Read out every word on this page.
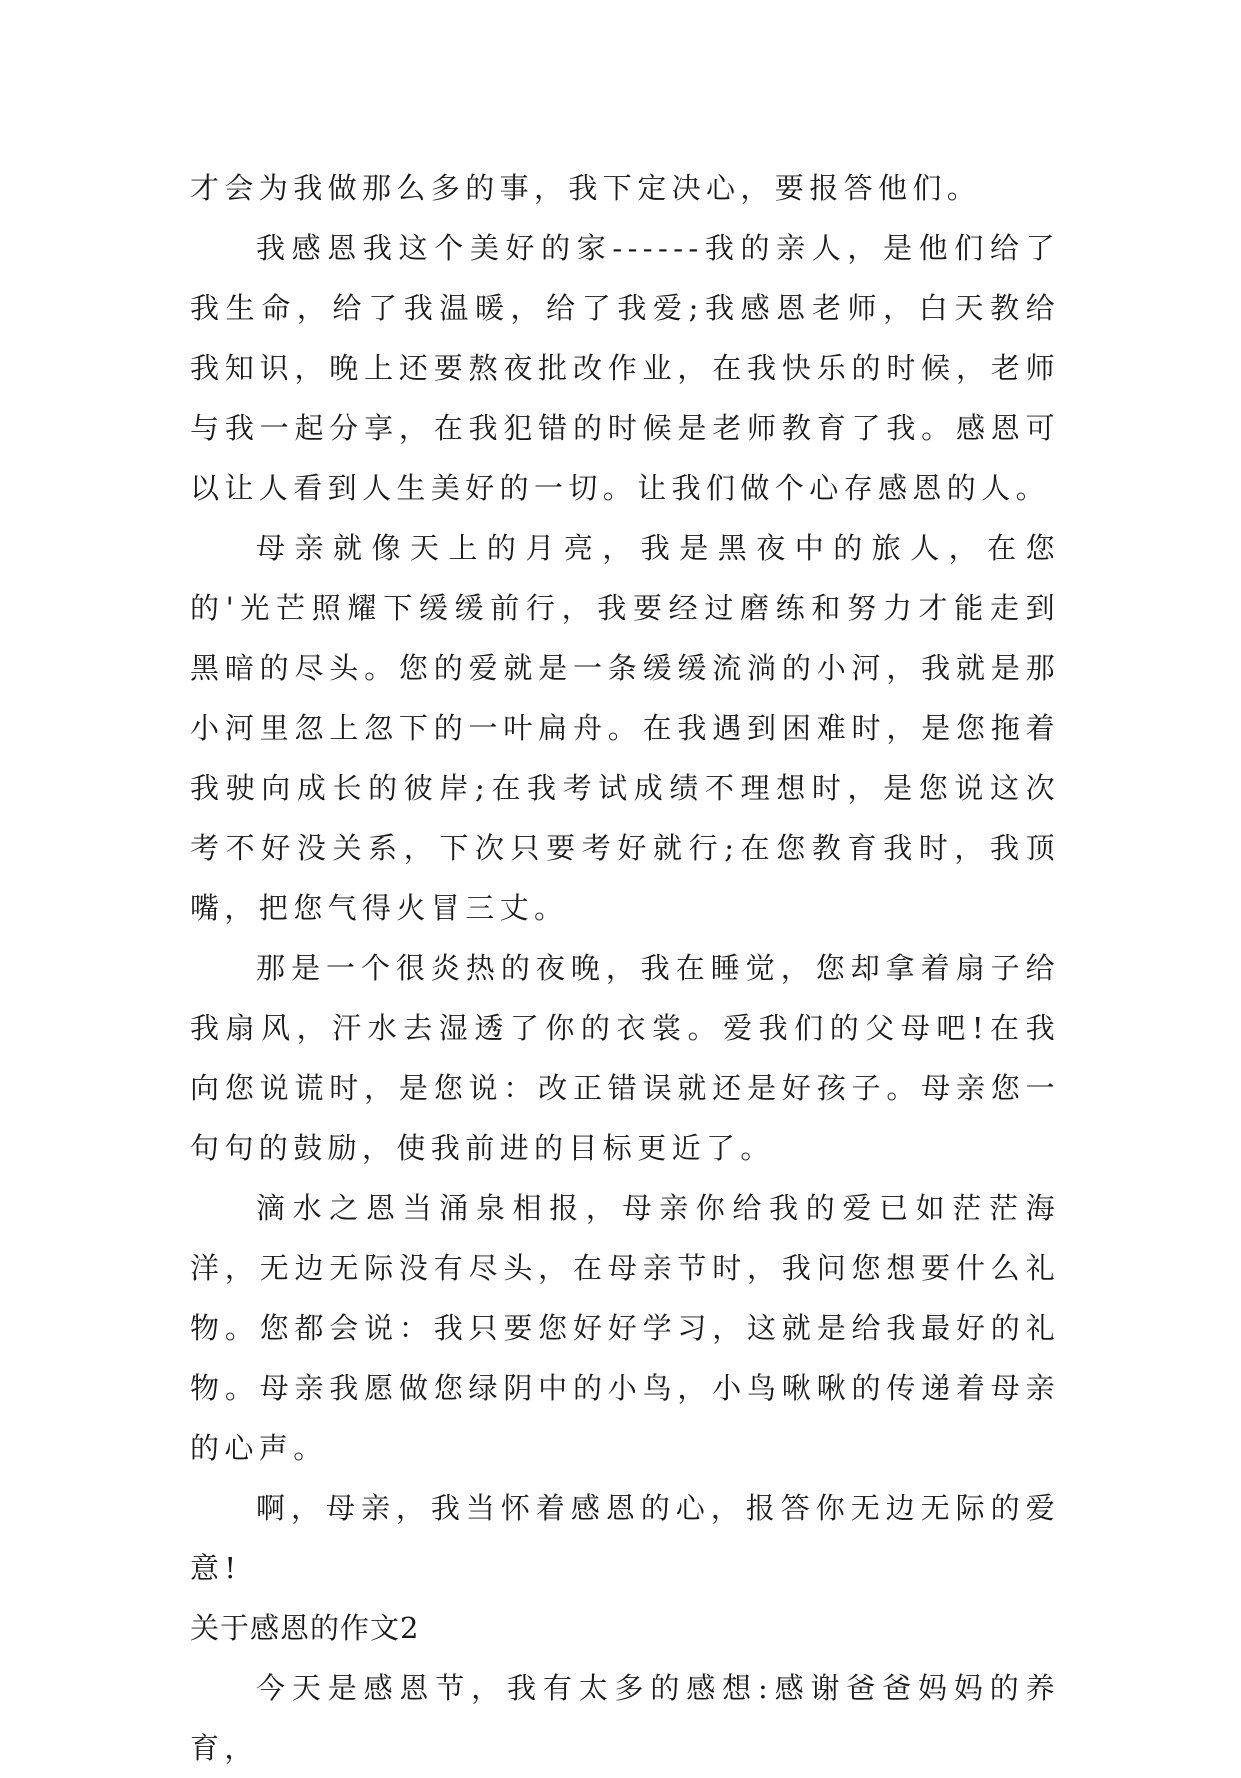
才会为我做那么多的事，我下定决心，要报答他们。

我感恩我这个美好的家------我的亲人，是他们给了我生命，给了我温暖，给了我爱;我感恩老师，白天教给我知识，晚上还要熬夜批改作业，在我快乐的时候，老师与我一起分享，在我犯错的时候是老师教育了我。感恩可以让人看到人生美好的一切。让我们做个心存感恩的人。

母亲就像天上的月亮，我是黑夜中的旅人，在您的'光芒照耀下缓缓前行，我要经过磨练和努力才能走到黑暗的尽头。您的爱就是一条缓缓流淌的小河，我就是那小河里忽上忽下的一叶扁舟。在我遇到困难时，是您拖着我驶向成长的彼岸;在我考试成绩不理想时，是您说这次考不好没关系，下次只要考好就行;在您教育我时，我顶嘴，把您气得火冒三丈。

那是一个很炎热的夜晚，我在睡觉，您却拿着扇子给我扇风，汗水去湿透了你的衣裳。爱我们的父母吧!在我向您说谎时，是您说：改正错误就还是好孩子。母亲您一句句的鼓励，使我前进的目标更近了。

滴水之恩当涌泉相报，母亲你给我的爱已如茫茫海洋，无边无际没有尽头，在母亲节时，我问您想要什么礼物。您都会说：我只要您好好学习，这就是给我最好的礼物。母亲我愿做您绿阴中的小鸟，小鸟啾啾的传递着母亲的心声。

啊，母亲，我当怀着感恩的心，报答你无边无际的爱意!

关于感恩的作文2

今天是感恩节，我有太多的感想:感谢爸爸妈妈的养育，
